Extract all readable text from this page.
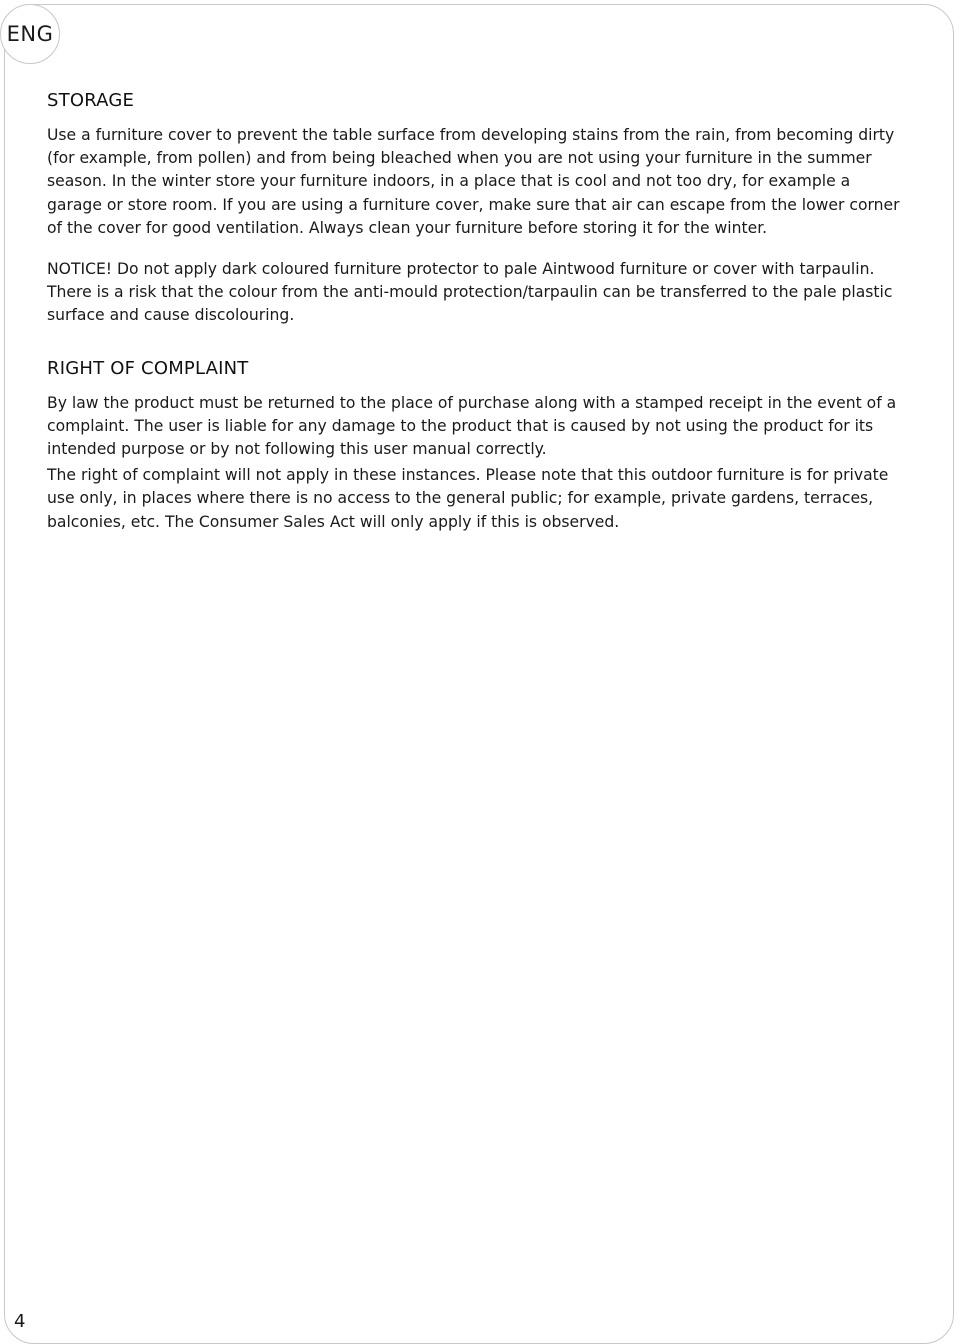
ENG
STORAGE

Use a furniture cover to prevent the table surface from developing stains from the rain, from becoming dirty (for example, from pollen) and from being bleached when you are not using your furniture in the summer season. In the winter store your furniture indoors, in a place that is cool and not too dry, for example a garage or store room. If you are using a furniture cover, make sure that air can escape from the lower corner of the cover for good ventilation. Always clean your furniture before storing it for the winter.

NOTICE! Do not apply dark coloured furniture protector to pale Aintwood furniture or cover with tarpaulin. There is a risk that the colour from the anti-mould protection/tarpaulin can be transferred to the pale plastic surface and cause discolouring.

RIGHT OF COMPLAINT

By law the product must be returned to the place of purchase along with a stamped receipt in the event of a complaint. The user is liable for any damage to the product that is caused by not using the product for its intended purpose or by not following this user manual correctly.

The right of complaint will not apply in these instances. Please note that this outdoor furniture is for private use only, in places where there is no access to the general public; for example, private gardens, terraces, balconies, etc. The Consumer Sales Act will only apply if this is observed.

4
